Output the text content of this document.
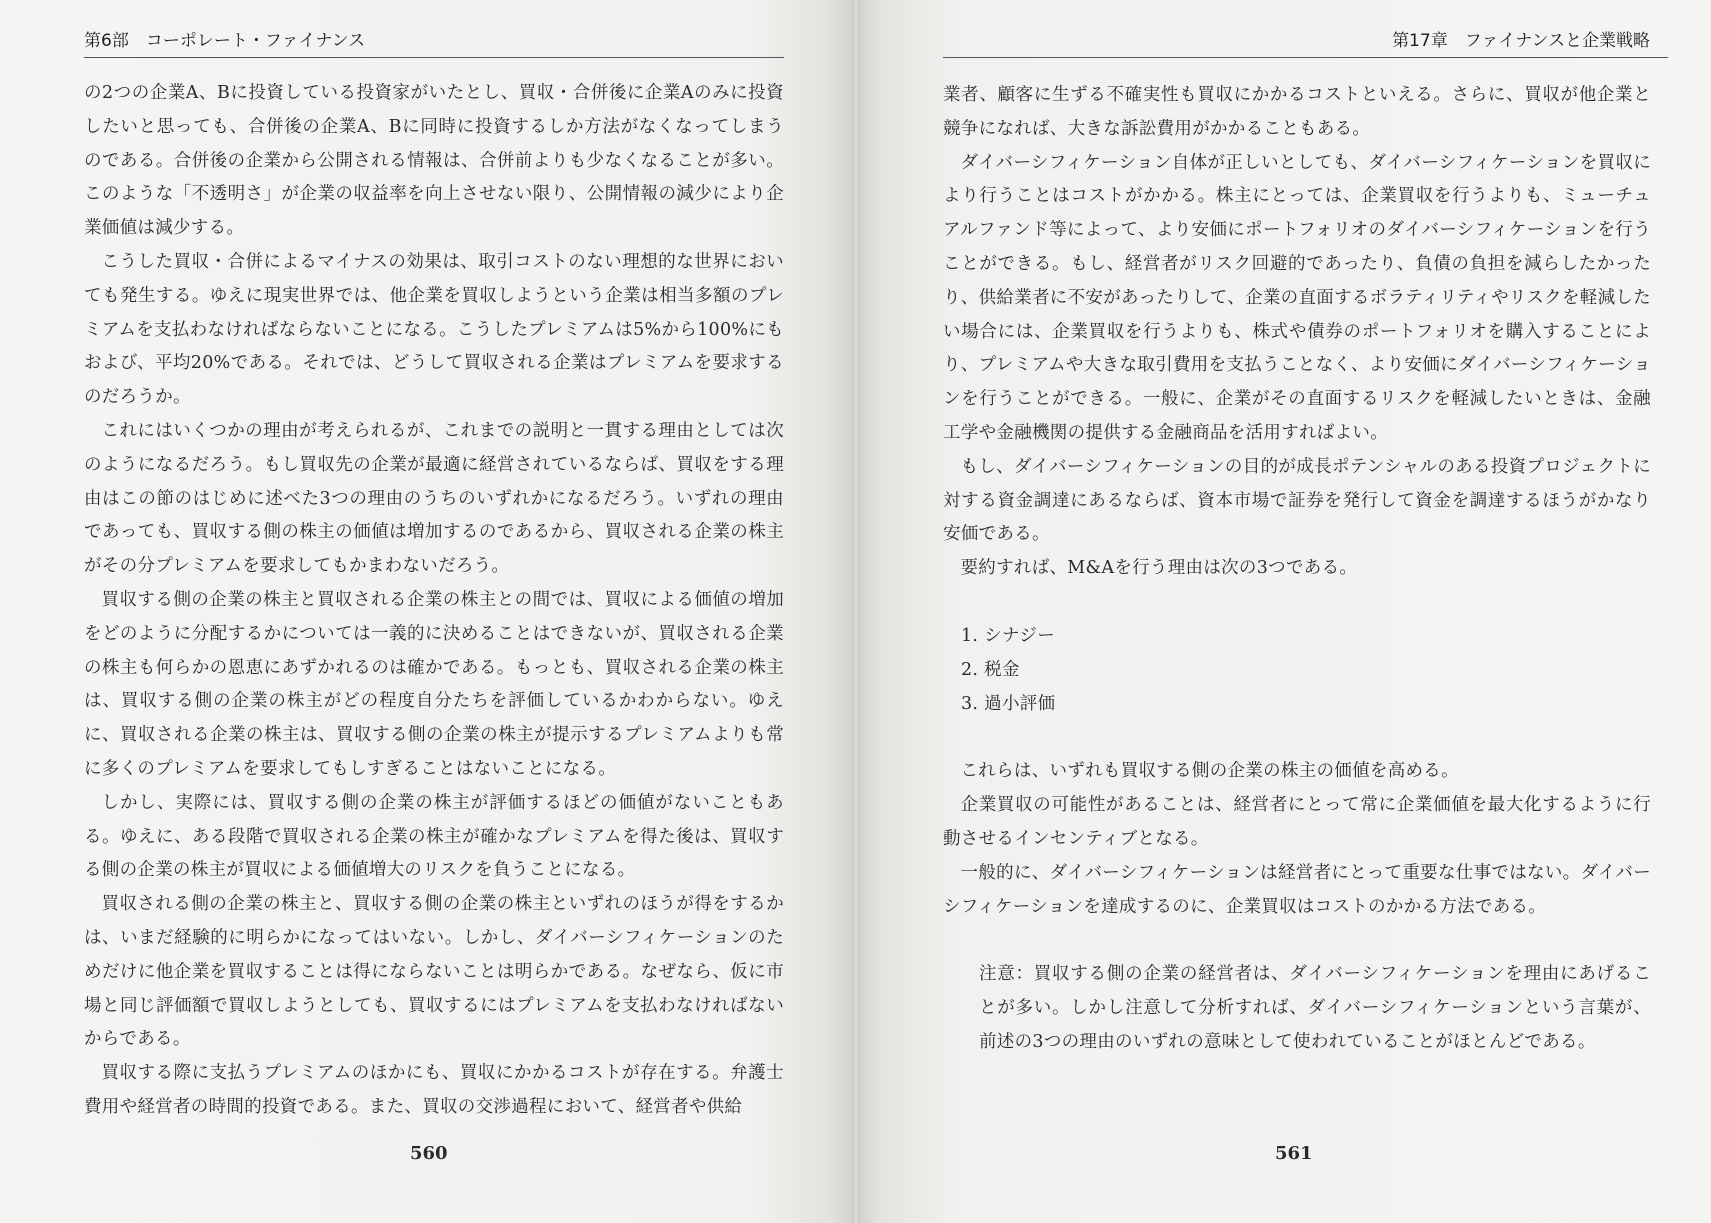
第6部　コーポレート・ファイナンス

の2つの企業A、Bに投資している投資家がいたとし、買収・合併後に企業Aのみに投資したいと思っても、合併後の企業A、Bに同時に投資するしか方法がなくなってしまうのである。合併後の企業から公開される情報は、合併前よりも少なくなることが多い。このような「不透明さ」が企業の収益率を向上させない限り、公開情報の減少により企業価値は減少する。

こうした買収・合併によるマイナスの効果は、取引コストのない理想的な世界においても発生する。ゆえに現実世界では、他企業を買収しようという企業は相当多額のプレミアムを支払わなければならないことになる。こうしたプレミアムは5%から100%にもおよび、平均20%である。それでは、どうして買収される企業はプレミアムを要求するのだろうか。

これにはいくつかの理由が考えられるが、これまでの説明と一貫する理由としては次のようになるだろう。もし買収先の企業が最適に経営されているならば、買収をする理由はこの節のはじめに述べた3つの理由のうちのいずれかになるだろう。いずれの理由であっても、買収する側の株主の価値は増加するのであるから、買収される企業の株主がその分プレミアムを要求してもかまわないだろう。

買収する側の企業の株主と買収される企業の株主との間では、買収による価値の増加をどのように分配するかについては一義的に決めることはできないが、買収される企業の株主も何らかの恩恵にあずかれるのは確かである。もっとも、買収される企業の株主は、買収する側の企業の株主がどの程度自分たちを評価しているかわからない。ゆえに、買収される企業の株主は、買収する側の企業の株主が提示するプレミアムよりも常に多くのプレミアムを要求してもしすぎることはないことになる。

しかし、実際には、買収する側の企業の株主が評価するほどの価値がないこともある。ゆえに、ある段階で買収される企業の株主が確かなプレミアムを得た後は、買収する側の企業の株主が買収による価値増大のリスクを負うことになる。

買収される側の企業の株主と、買収する側の企業の株主といずれのほうが得をするかは、いまだ経験的に明らかになってはいない。しかし、ダイバーシフィケーションのためだけに他企業を買収することは得にならないことは明らかである。なぜなら、仮に市場と同じ評価額で買収しようとしても、買収するにはプレミアムを支払わなければないからである。

買収する際に支払うプレミアムのほかにも、買収にかかるコストが存在する。弁護士費用や経営者の時間的投資である。また、買収の交渉過程において、経営者や供給

560
第17章　ファイナンスと企業戦略

業者、顧客に生ずる不確実性も買収にかかるコストといえる。さらに、買収が他企業と競争になれば、大きな訴訟費用がかかることもある。

ダイバーシフィケーション自体が正しいとしても、ダイバーシフィケーションを買収により行うことはコストがかかる。株主にとっては、企業買収を行うよりも、ミューチュアルファンド等によって、より安価にポートフォリオのダイバーシフィケーションを行うことができる。もし、経営者がリスク回避的であったり、負債の負担を減らしたかったり、供給業者に不安があったりして、企業の直面するボラティリティやリスクを軽減したい場合には、企業買収を行うよりも、株式や債券のポートフォリオを購入することにより、プレミアムや大きな取引費用を支払うことなく、より安価にダイバーシフィケーションを行うことができる。一般に、企業がその直面するリスクを軽減したいときは、金融工学や金融機関の提供する金融商品を活用すればよい。

もし、ダイバーシフィケーションの目的が成長ポテンシャルのある投資プロジェクトに対する資金調達にあるならば、資本市場で証券を発行して資金を調達するほうがかなり安価である。

要約すれば、M&Aを行う理由は次の3つである。

1. シナジー
2. 税金
3. 過小評価

これらは、いずれも買収する側の企業の株主の価値を高める。

企業買収の可能性があることは、経営者にとって常に企業価値を最大化するように行動させるインセンティブとなる。

一般的に、ダイバーシフィケーションは経営者にとって重要な仕事ではない。ダイバーシフィケーションを達成するのに、企業買収はコストのかかる方法である。

注意：買収する側の企業の経営者は、ダイバーシフィケーションを理由にあげることが多い。しかし注意して分析すれば、ダイバーシフィケーションという言葉が、前述の3つの理由のいずれの意味として使われていることがほとんどである。

561
